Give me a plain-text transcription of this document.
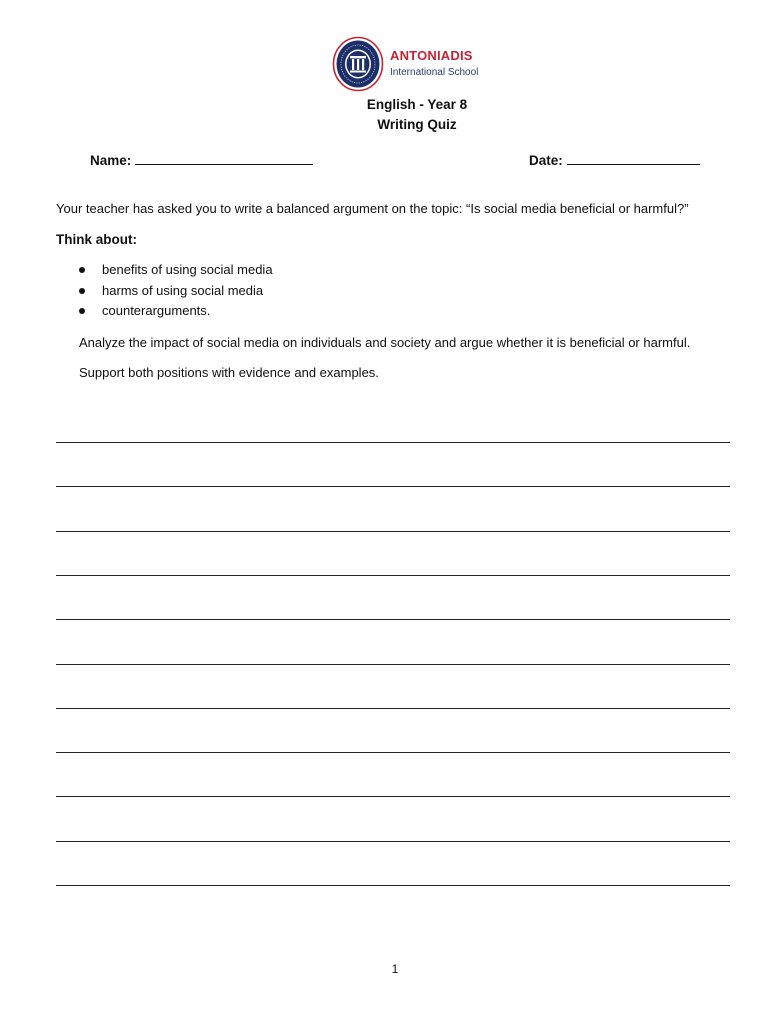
ANTONIADIS
International School
English - Year 8
Writing Quiz
Name:	Date:
Your teacher has asked you to write a balanced argument on the topic: “Is social media beneficial or harmful?”
Think about:
benefits of using social media
harms of using social media
counterarguments.
Analyze the impact of social media on individuals and society and argue whether it is beneficial or harmful.
Support both positions with evidence and examples.
1
